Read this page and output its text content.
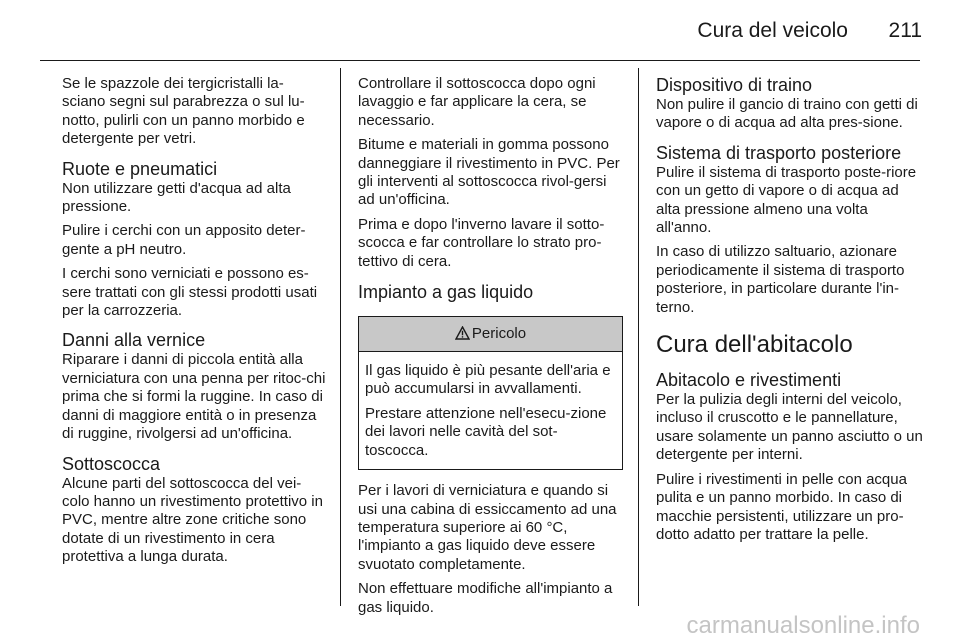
Cura del veicolo 211

Se le spazzole dei tergicristalli la-sciano segni sul parabrezza o sul lu-notto, pulirli con un panno morbido e detergente per vetri.

Ruote e pneumatici

Non utilizzare getti d'acqua ad alta pressione.

Pulire i cerchi con un apposito deter-gente a pH neutro.

I cerchi sono verniciati e possono es-sere trattati con gli stessi prodotti usati per la carrozzeria.

Danni alla vernice

Riparare i danni di piccola entità alla verniciatura con una penna per ritoc-chi prima che si formi la ruggine. In caso di danni di maggiore entità o in presenza di ruggine, rivolgersi ad un'officina.

Sottoscocca

Alcune parti del sottoscocca del vei-colo hanno un rivestimento protettivo in PVC, mentre altre zone critiche sono dotate di un rivestimento in cera protettiva a lunga durata.

Controllare il sottoscocca dopo ogni lavaggio e far applicare la cera, se necessario.

Bitume e materiali in gomma possono danneggiare il rivestimento in PVC. Per gli interventi al sottoscocca rivol-gersi ad un'officina.

Prima e dopo l'inverno lavare il sotto-scocca e far controllare lo strato pro-tettivo di cera.

Impianto a gas liquido
Pericolo

Il gas liquido è più pesante dell'aria e può accumularsi in avvallamenti.

Prestare attenzione nell'esecu-zione dei lavori nelle cavità del sot-toscocca.

Per i lavori di verniciatura e quando si usi una cabina di essiccamento ad una temperatura superiore ai 60 °C, l'impianto a gas liquido deve essere svuotato completamente.

Non effettuare modifiche all'impianto a gas liquido.

Dispositivo di traino

Non pulire il gancio di traino con getti di vapore o di acqua ad alta pres-sione.

Sistema di trasporto posteriore

Pulire il sistema di trasporto poste-riore con un getto di vapore o di acqua ad alta pressione almeno una volta all'anno.

In caso di utilizzo saltuario, azionare periodicamente il sistema di trasporto posteriore, in particolare durante l'in-terno.

Cura dell'abitacolo
Abitacolo e rivestimenti

Per la pulizia degli interni del veicolo, incluso il cruscotto e le pannellature, usare solamente un panno asciutto o un detergente per interni.

Pulire i rivestimenti in pelle con acqua pulita e un panno morbido. In caso di macchie persistenti, utilizzare un pro-dotto adatto per trattare la pelle.

carmanualsonline.info
